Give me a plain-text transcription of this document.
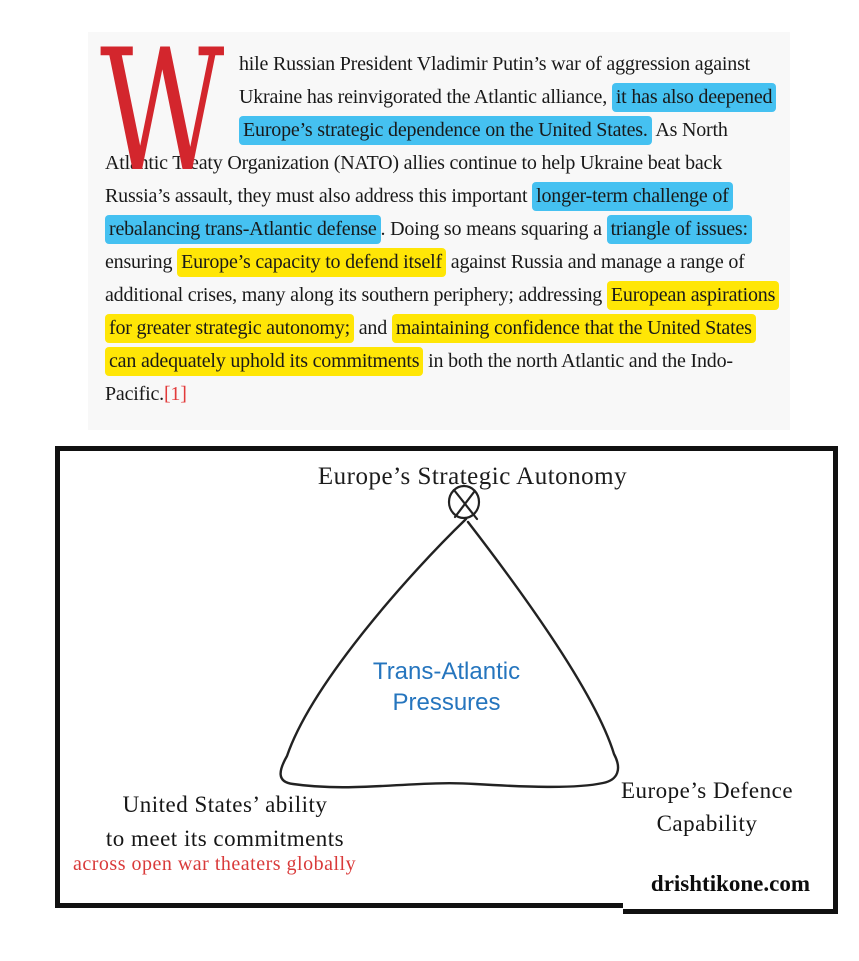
W hile Russian President Vladimir Putin’s war of aggression against Ukraine has reinvigorated the Atlantic alliance, it has also deepened Europe’s strategic dependence on the United States. As North Atlantic Treaty Organization (NATO) allies continue to help Ukraine beat back Russia’s assault, they must also address this important longer-term challenge of rebalancing trans-Atlantic defense . Doing so means squaring a triangle of issues: ensuring Europe’s capacity to defend itself against Russia and manage a range of additional crises, many along its southern periphery; addressing European aspirations for greater strategic autonomy; and maintaining confidence that the United States can adequately uphold its commitments in both the north Atlantic and the Indo-Pacific.[1]

Europe’s Strategic Autonomy
Trans-Atlantic
Pressures
United States’ ability
to meet its commitments
across open war theaters globally
Europe’s Defence
Capability
drishtikone.com
